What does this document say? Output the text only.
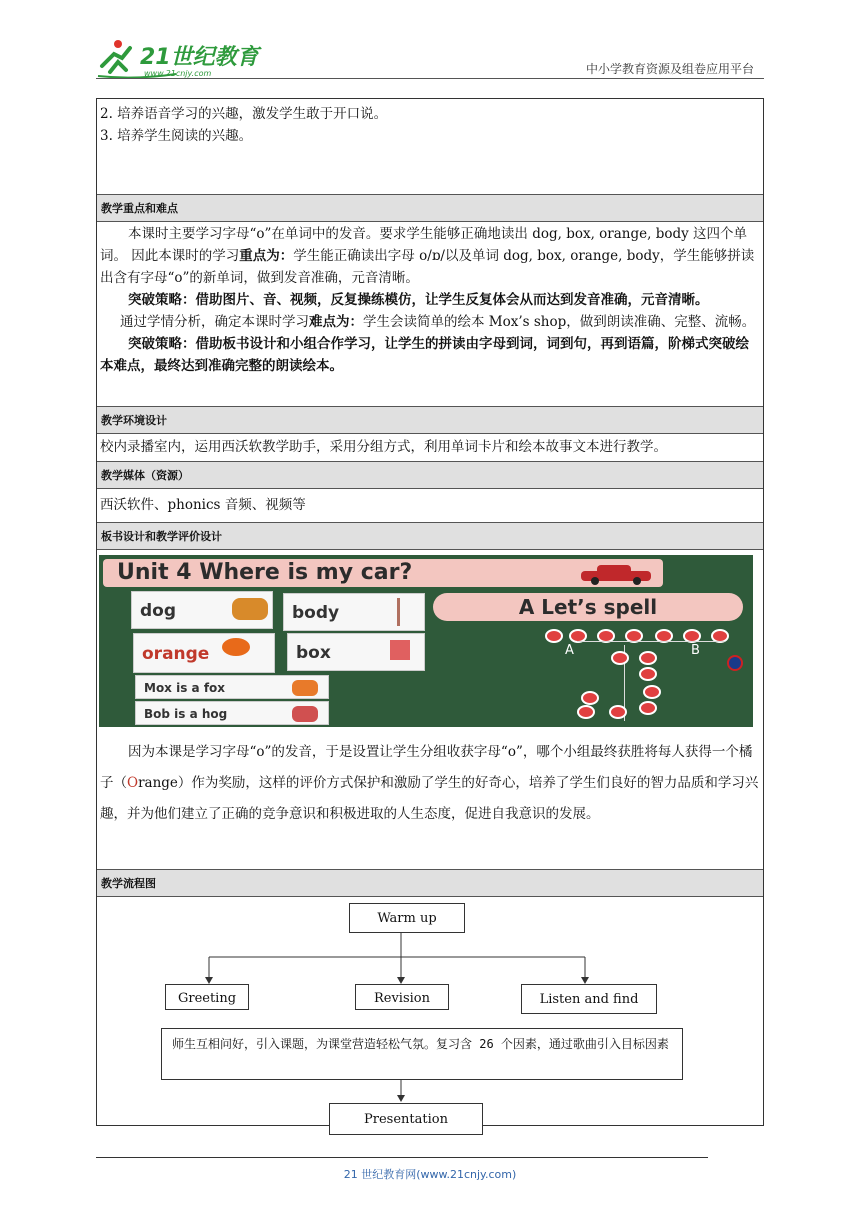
21世纪教育
www.21cnjy.com	中小学教育资源及组卷应用平台

2. 培养语音学习的兴趣，激发学生敢于开口说。

3. 培养学生阅读的兴趣。

教学重点和难点

本课时主要学习字母“o”在单词中的发音。要求学生能够正确地读出 dog, box, orange, body 这四个单词。 因此本课时的学习重点为：学生能正确读出字母 o/ɒ/以及单词 dog, box, orange, body，学生能够拼读出含有字母“o”的新单词，做到发音准确，元音清晰。

突破策略：借助图片、音、视频，反复操练模仿，让学生反复体会从而达到发音准确，元音清晰。

通过学情分析，确定本课时学习难点为：学生会读简单的绘本 Mox’s shop，做到朗读准确、完整、流畅。

突破策略：借助板书设计和小组合作学习，让学生的拼读由字母到词，词到句，再到语篇，阶梯式突破绘本难点，最终达到准确完整的朗读绘本。

教学环境设计

校内录播室内，运用西沃软教学助手，采用分组方式，利用单词卡片和绘本故事文本进行教学。

教学媒体（资源）

西沃软件、phonics 音频、视频等

板书设计和教学评价设计
Unit 4 Where is my car?
A Let’s spell
dog	body
orange	box
Mox is a fox
Bob is a hog
A	B

因为本课是学习字母“o”的发音，于是设置让学生分组收获字母“o”，哪个小组最终获胜将每人获得一个橘子（Orange）作为奖励，这样的评价方式保护和激励了学生的好奇心，培养了学生们良好的智力品质和学习兴趣，并为他们建立了正确的竞争意识和积极进取的人生态度，促进自我意识的发展。

教学流程图
Warm up
Greeting	Revision	Listen and find
师生互相问好，引入课题，为课堂营造轻松气氛。复习含 26 个因素，通过歌曲引入目标因素
Presentation
21 世纪教育网(www.21cnjy.com)
